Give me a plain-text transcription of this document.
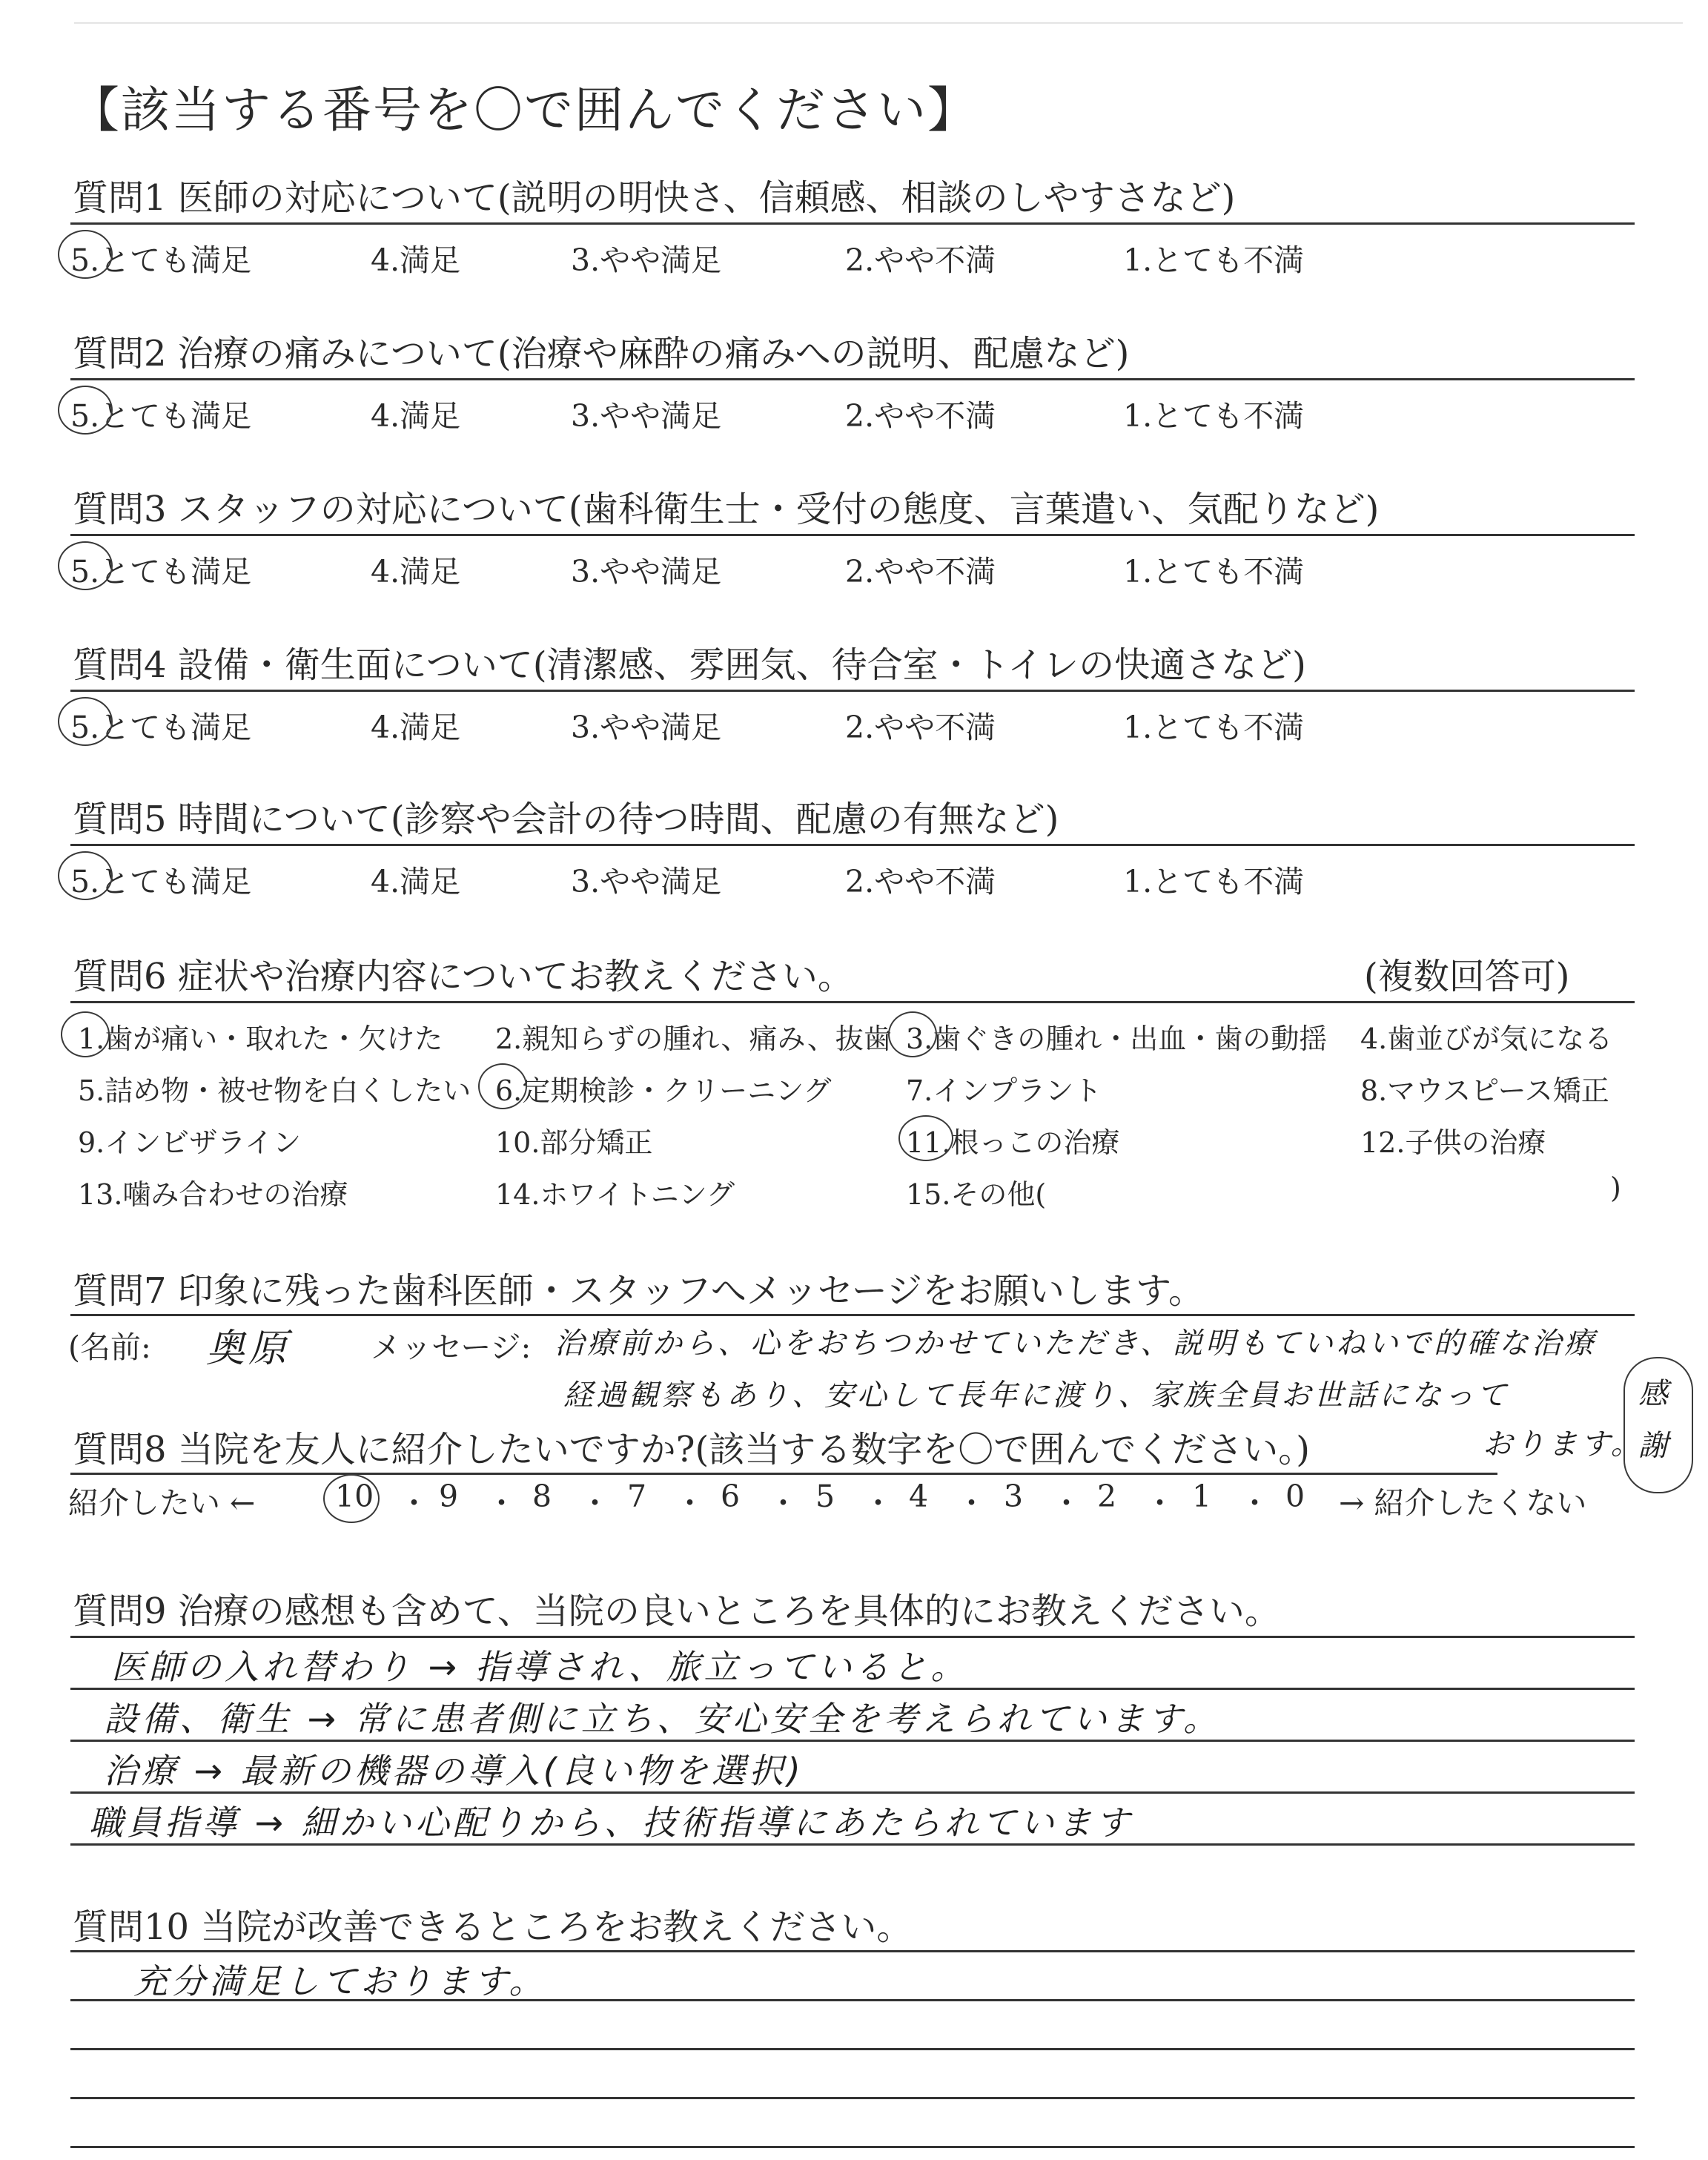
【該当する番号を〇で囲んでください】
質問1 医師の対応について(説明の明快さ、信頼感、相談のしやすさなど)
5.とても満足	4.満足	3.やや満足	2.やや不満	1.とても不満
質問2 治療の痛みについて(治療や麻酔の痛みへの説明、配慮など)
5.とても満足	4.満足	3.やや満足	2.やや不満	1.とても不満
質問3 スタッフの対応について(歯科衛生士・受付の態度、言葉遣い、気配りなど)
5.とても満足	4.満足	3.やや満足	2.やや不満	1.とても不満
質問4 設備・衛生面について(清潔感、雰囲気、待合室・トイレの快適さなど)
5.とても満足	4.満足	3.やや満足	2.やや不満	1.とても不満
質問5 時間について(診察や会計の待つ時間、配慮の有無など)
5.とても満足	4.満足	3.やや満足	2.やや不満	1.とても不満
質問6 症状や治療内容についてお教えください。	(複数回答可)
1.歯が痛い・取れた・欠けた 2.親知らずの腫れ、痛み、抜歯 3.歯ぐきの腫れ・出血・歯の動揺 4.歯並びが気になる
5.詰め物・被せ物を白くしたい 6.定期検診・クリーニング	7.インプラント	8.マウスピース矯正
9.インビザライン	10.部分矯正	11.根っこの治療	12.子供の治療
13.噛み合わせの治療	14.ホワイトニング	15.その他(	)
質問7 印象に残った歯科医師・スタッフへメッセージをお願いします。
(名前: 奥原	メッセージ: 治療前から、心をおちつかせていただき、説明もていねいで的確な治療
経過観察もあり、安心して長年に渡り、家族全員お世話になって
おります。
感謝
質問8 当院を友人に紹介したいですか?(該当する数字を〇で囲んでください。)
紹介したい ←	10 ・ 9 ・ 8 ・ 7 ・ 6 ・ 5 ・ 4 ・ 3 ・ 2 ・ 1 ・ 0 → 紹介したくない
質問9 治療の感想も含めて、当院の良いところを具体的にお教えください。
医師の入れ替わり → 指導され、旅立っていると。
設備、衛生 → 常に患者側に立ち、安心安全を考えられています。
治療 → 最新の機器の導入(良い物を選択)
職員指導 → 細かい心配りから、技術指導にあたられています
質問10 当院が改善できるところをお教えください。
充分満足しております。
